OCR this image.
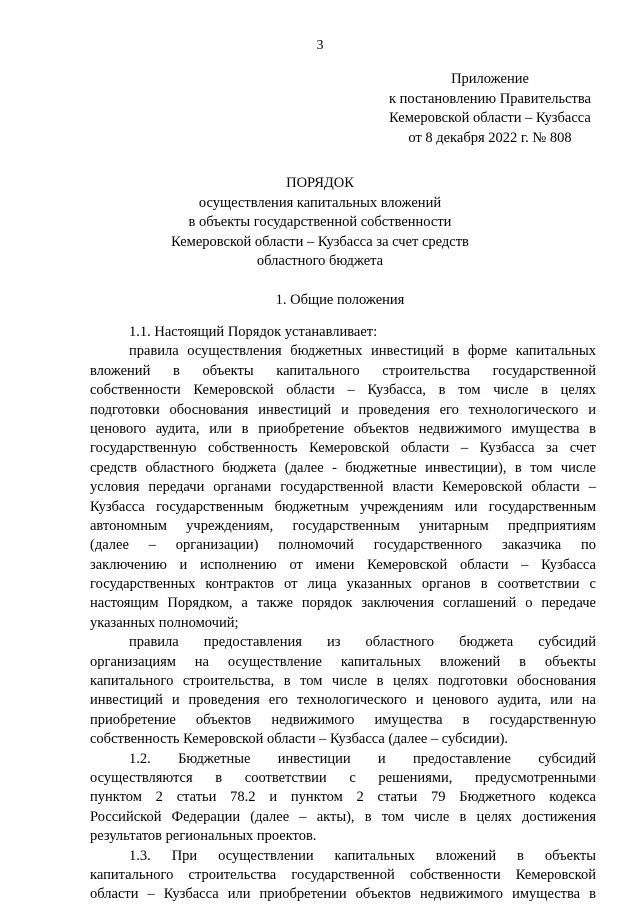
3
Приложение
к постановлению Правительства
Кемеровской области – Кузбасса
от 8 декабря 2022 г. № 808
ПОРЯДОК
осуществления капитальных вложений
в объекты государственной собственности
Кемеровской области – Кузбасса за счет средств
областного бюджета
1. Общие положения
1.1. Настоящий Порядок устанавливает:
правила осуществления бюджетных инвестиций в форме капитальных
вложений в объекты капитального строительства государственной
собственности Кемеровской области – Кузбасса, в том числе в целях
подготовки обоснования инвестиций и проведения его технологического и
ценового аудита, или в приобретение объектов недвижимого имущества в
государственную собственность Кемеровской области – Кузбасса за счет
средств областного бюджета (далее - бюджетные инвестиции), в том числе
условия передачи органами государственной власти Кемеровской области –
Кузбасса государственным бюджетным учреждениям или государственным
автономным учреждениям, государственным унитарным предприятиям
(далее – организации) полномочий государственного заказчика по
заключению и исполнению от имени Кемеровской области – Кузбасса
государственных контрактов от лица указанных органов в соответствии с
настоящим Порядком, а также порядок заключения соглашений о передаче
указанных полномочий;
правила предоставления из областного бюджета субсидий
организациям на осуществление капитальных вложений в объекты
капитального строительства, в том числе в целях подготовки обоснования
инвестиций и проведения его технологического и ценового аудита, или на
приобретение объектов недвижимого имущества в государственную
собственность Кемеровской области – Кузбасса (далее – субсидии).
1.2. Бюджетные инвестиции и предоставление субсидий
осуществляются в соответствии с решениями, предусмотренными
пунктом 2 статьи 78.2 и пунктом 2 статьи 79 Бюджетного кодекса
Российской Федерации (далее – акты), в том числе в целях достижения
результатов региональных проектов.
1.3. При осуществлении капитальных вложений в объекты
капитального строительства государственной собственности Кемеровской
области – Кузбасса или приобретении объектов недвижимого имущества в
